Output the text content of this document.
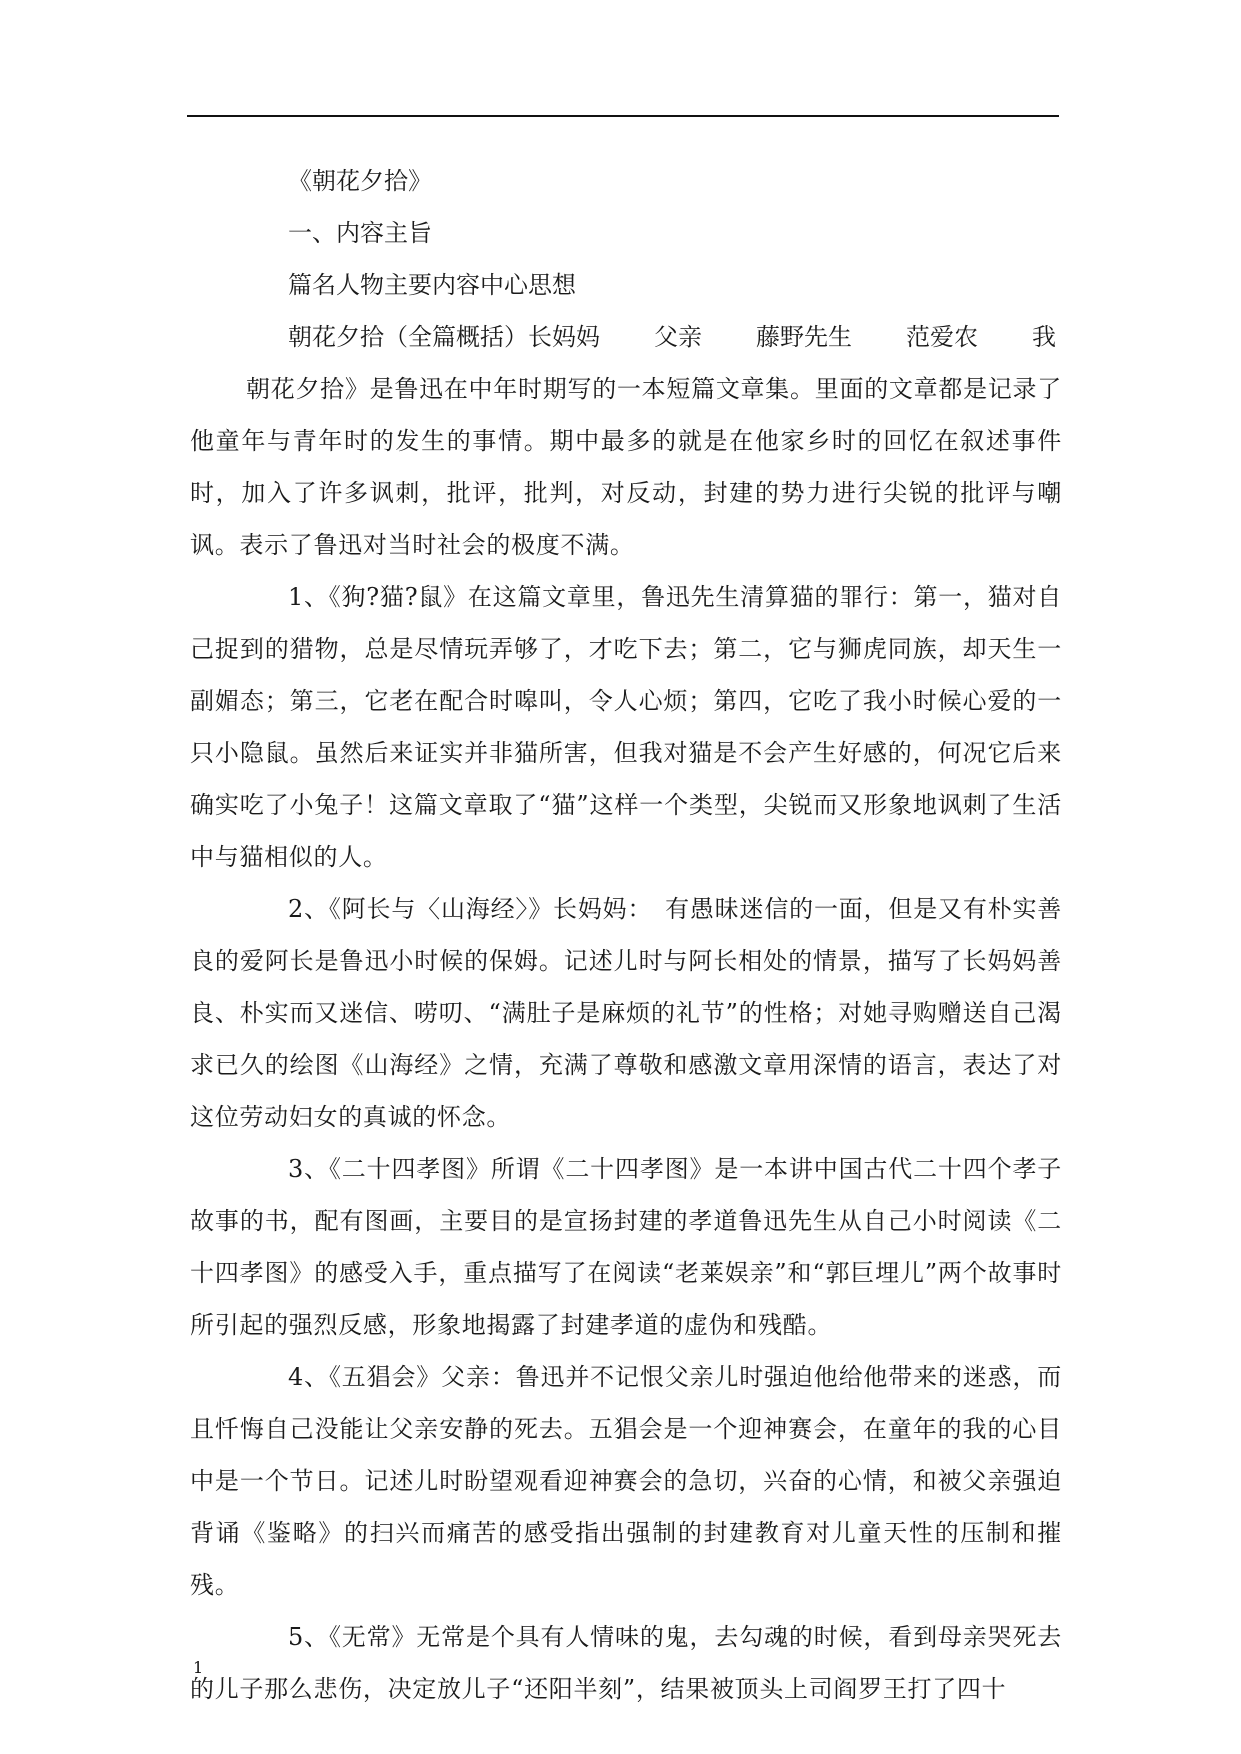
《朝花夕拾》
一、内容主旨
篇名人物主要内容中心思想
朝花夕拾（全篇概括）长妈妈 父亲 藤野先生 范爱农 我

朝花夕拾》是鲁迅在中年时期写的一本短篇文章集。里面的文章都是记录了他童年与青年时的发生的事情。期中最多的就是在他家乡时的回忆在叙述事件时，加入了许多讽刺，批评，批判，对反动，封建的势力进行尖锐的批评与嘲讽。表示了鲁迅对当时社会的极度不满。

1、《狗?猫?鼠》在这篇文章里，鲁迅先生清算猫的罪行：第一，猫对自己捉到的猎物，总是尽情玩弄够了，才吃下去；第二，它与狮虎同族，却天生一副媚态；第三，它老在配合时嗥叫，令人心烦；第四，它吃了我小时候心爱的一只小隐鼠。虽然后来证实并非猫所害，但我对猫是不会产生好感的，何况它后来确实吃了小兔子！这篇文章取了“猫”这样一个类型，尖锐而又形象地讽刺了生活中与猫相似的人。

2、《阿长与〈山海经〉》长妈妈：　有愚昧迷信的一面，但是又有朴实善良的爱阿长是鲁迅小时候的保姆。记述儿时与阿长相处的情景，描写了长妈妈善良、朴实而又迷信、唠叨、“满肚子是麻烦的礼节”的性格；对她寻购赠送自己渴求已久的绘图《山海经》之情，充满了尊敬和感激文章用深情的语言，表达了对这位劳动妇女的真诚的怀念。

3、《二十四孝图》所谓《二十四孝图》是一本讲中国古代二十四个孝子故事的书，配有图画，主要目的是宣扬封建的孝道鲁迅先生从自己小时阅读《二十四孝图》的感受入手，重点描写了在阅读“老莱娱亲”和“郭巨埋儿”两个故事时所引起的强烈反感，形象地揭露了封建孝道的虚伪和残酷。

4、《五猖会》父亲：鲁迅并不记恨父亲儿时强迫他给他带来的迷惑，而且忏悔自己没能让父亲安静的死去。五猖会是一个迎神赛会，在童年的我的心目中是一个节日。记述儿时盼望观看迎神赛会的急切，兴奋的心情，和被父亲强迫背诵《鉴略》的扫兴而痛苦的感受指出强制的封建教育对儿童天性的压制和摧残。

5、《无常》无常是个具有人情味的鬼，去勾魂的时候，看到母亲哭死去的儿子那么悲伤，决定放儿子“还阳半刻”，结果被顶头上司阎罗王打了四十

1
